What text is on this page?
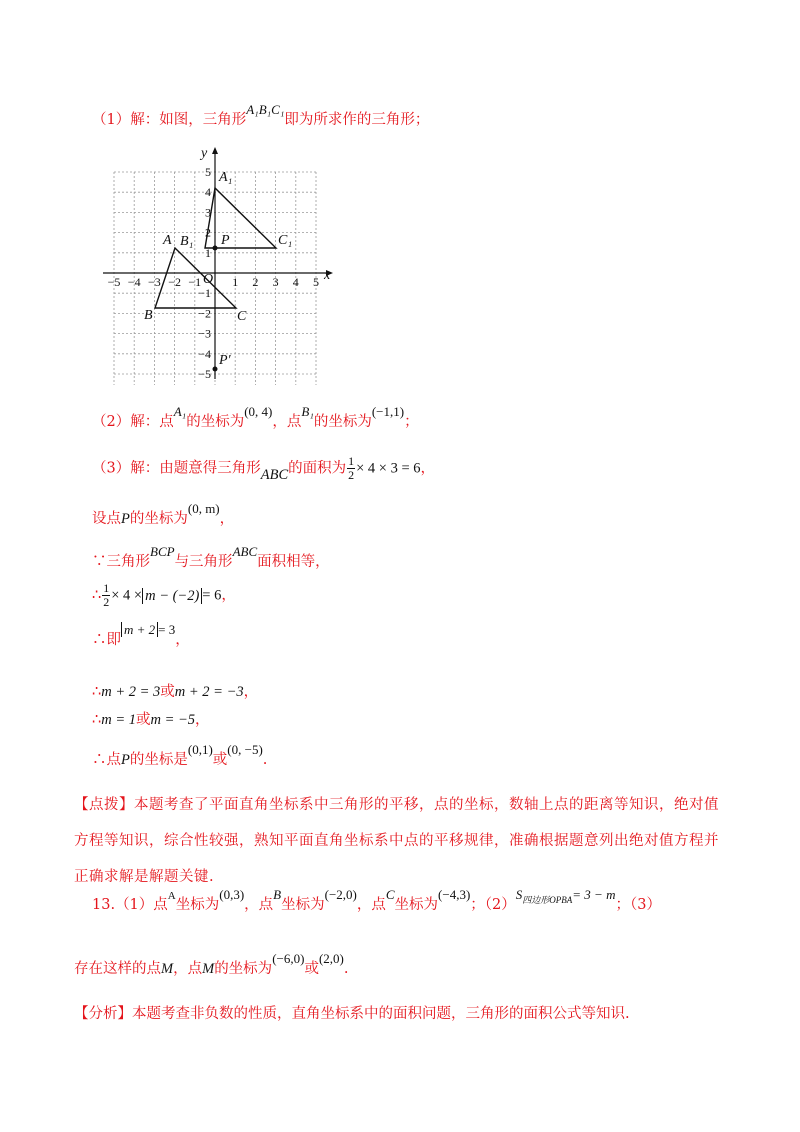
（1）解：如图，三角形A₁B₁C₁即为所求作的三角形；
x
y
−5 −4 −3 −2 −1	1 2 3 4 5
5
4
3
2
1
−1
−2
−3
−4
−5
O
A₁
B₁	C₁
A
B	C
P
P′
（2）解：点A₁的坐标为(0, 4)，点B₁的坐标为(−1,1)；
（3）解：由题意得三角形ABC的面积为 $\frac{1}{2} \times 4 \times 3 = 6$，
设点P的坐标为(0, m)，
∵三角形BCP与三角形ABC面积相等，
∴ $\frac{1}{2} \times 4 \times m - (-2) = 6$，
∴即m + 2 = 3，
∴m + 2 = 3或m + 2 = −3，
∴m = 1或m = −5，
∴点P的坐标是(0,1)或(0, −5).
【点拨】本题考查了平面直角坐标系中三角形的平移，点的坐标，数轴上点的距离等知识，绝对值方程等知识，综合性较强，熟知平面直角坐标系中点的平移规律，准确根据题意列出绝对值方程并正确求解是解题关键.
13.（1）点$^A$坐标为(0,3)，点B坐标为(−2,0)，点C坐标为(−4,3)；$(2)S^{四边形OPBA}= 3 - m$；（3）
存在这样的点M，点M的坐标为(−6,0)或(2,0).
【分析】本题考查非负数的性质，直角坐标系中的面积问题，三角形的面积公式等知识.
